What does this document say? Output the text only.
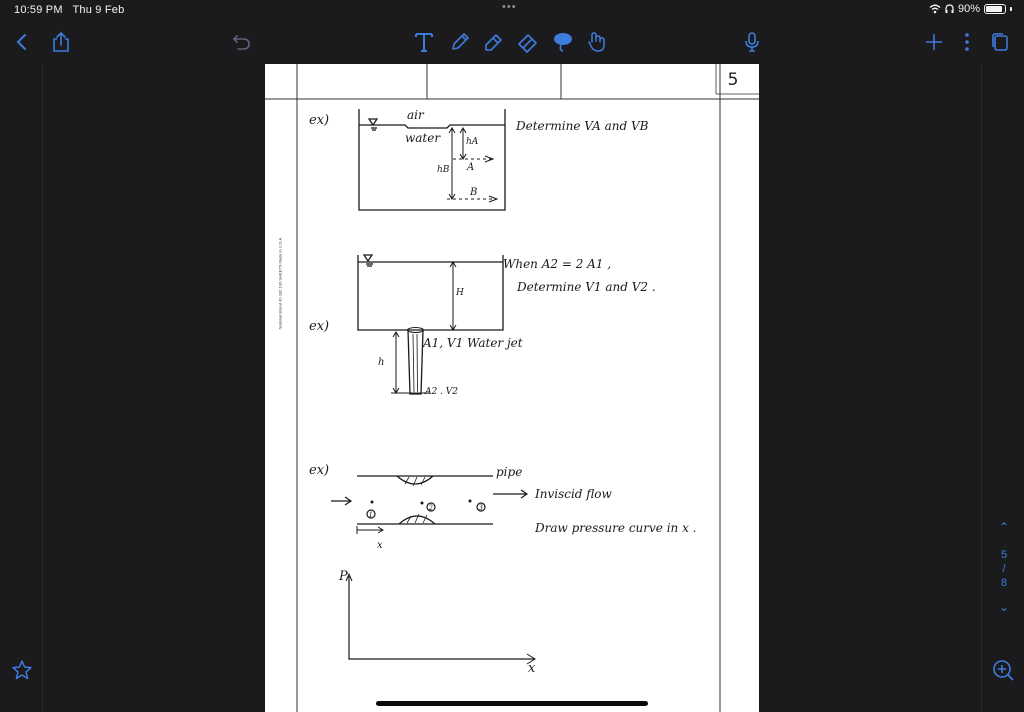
10:59 PM Thu 9 Feb	•••	90%
⌃
5
/
8
⌄
ex)	air
water	hA
hB A
B
Determine VA and VB
ex)
H
h
A1, V1 Water jet
A2 . V2
When A2 = 2 A1 ,
Determine V1 and V2 .
ex)	pipe
Inviscid flow
Draw pressure curve in x .
1
2	3
x
P
x
5
National Brand 42-182 100 SHEETS Made in U.S.A.
